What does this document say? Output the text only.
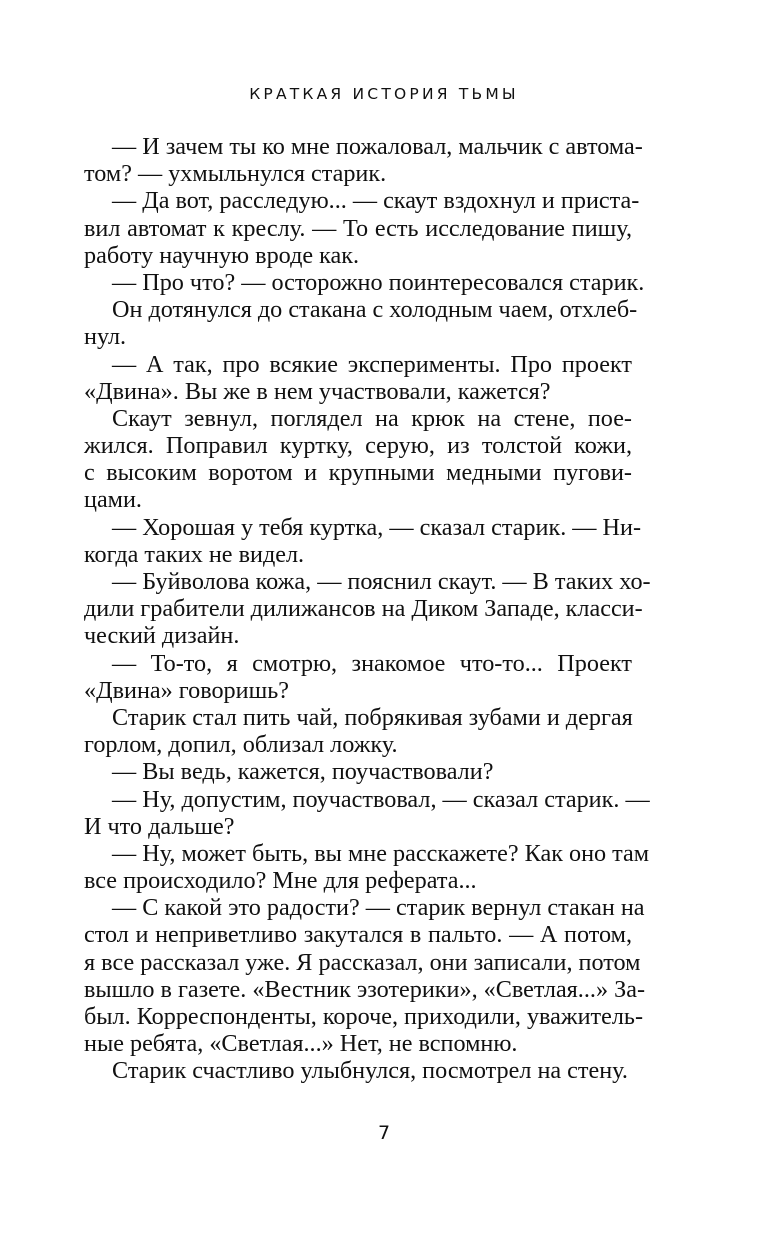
КРАТКАЯ ИСТОРИЯ ТЬМЫ
— И зачем ты ко мне пожаловал, мальчик с автома-
том? — ухмыльнулся старик.
— Да вот, расследую... — скаут вздохнул и приста-
вил автомат к креслу. — То есть исследование пишу,
работу научную вроде как.
— Про что? — осторожно поинтересовался старик.
Он дотянулся до стакана с холодным чаем, отхлеб-
нул.
— А так, про всякие эксперименты. Про проект
«Двина». Вы же в нем участвовали, кажется?
Скаут зевнул, поглядел на крюк на стене, пое-
жился. Поправил куртку, серую, из толстой кожи,
с высоким воротом и крупными медными пугови-
цами.
— Хорошая у тебя куртка, — сказал старик. — Ни-
когда таких не видел.
— Буйволова кожа, — пояснил скаут. — В таких хо-
дили грабители дилижансов на Диком Западе, класси-
ческий дизайн.
— То-то, я смотрю, знакомое что-то... Проект
«Двина» говоришь?
Старик стал пить чай, побрякивая зубами и дергая
горлом, допил, облизал ложку.
— Вы ведь, кажется, поучаствовали?
— Ну, допустим, поучаствовал, — сказал старик. —
И что дальше?
— Ну, может быть, вы мне расскажете? Как оно там
все происходило? Мне для реферата...
— С какой это радости? — старик вернул стакан на
стол и неприветливо закутался в пальто. — А потом,
я все рассказал уже. Я рассказал, они записали, потом
вышло в газете. «Вестник эзотерики», «Светлая...» За-
был. Корреспонденты, короче, приходили, уважитель-
ные ребята, «Светлая...» Нет, не вспомню.
Старик счастливо улыбнулся, посмотрел на стену.
7
